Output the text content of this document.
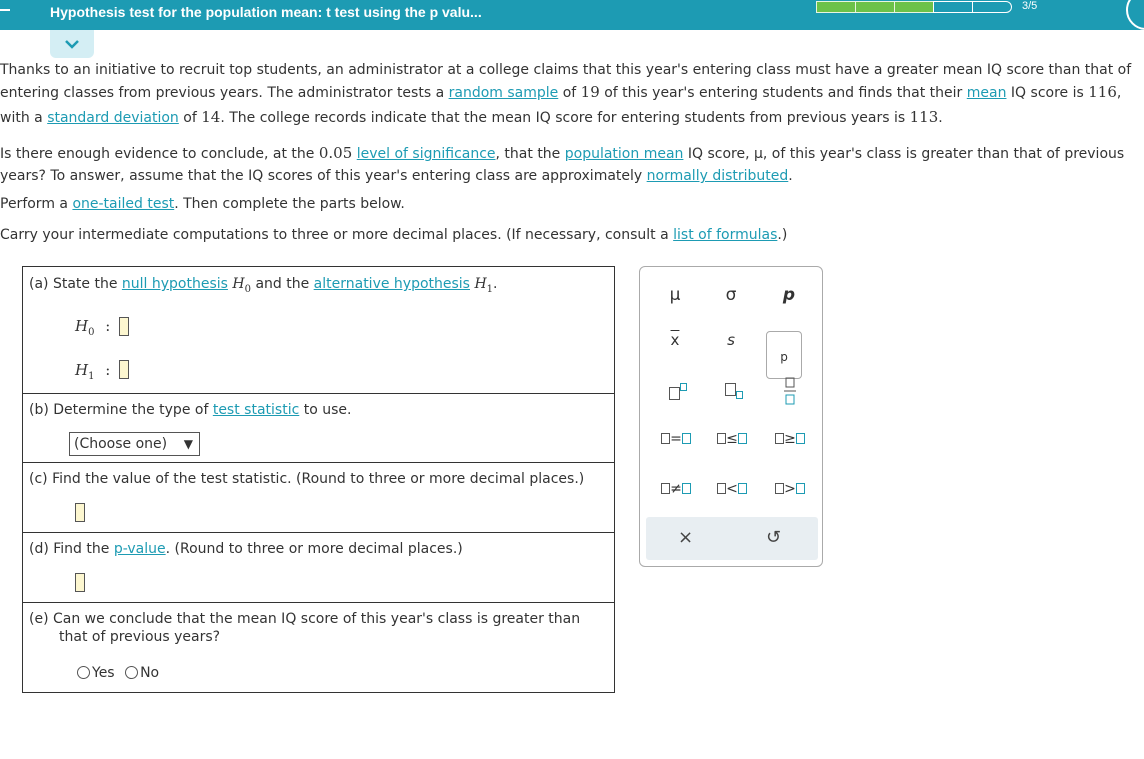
Hypothesis test for the population mean: t test using the p valu...	3/5
Thanks to an initiative to recruit top students, an administrator at a college claims that this year's entering class must have a greater mean IQ score than that of
entering classes from previous years. The administrator tests a random sample of 19 of this year's entering students and finds that their mean IQ score is 116,
with a standard deviation of 14. The college records indicate that the mean IQ score for entering students from previous years is 113.
Is there enough evidence to conclude, at the 0.05 level of significance, that the population mean IQ score, μ, of this year's class is greater than that of previous
years? To answer, assume that the IQ scores of this year's entering class are approximately normally distributed.
Perform a one-tailed test. Then complete the parts below.
Carry your intermediate computations to three or more decimal places. (If necessary, consult a list of formulas.)
(a) State the null hypothesis $H_0$ and the alternative hypothesis $H_1$.
$H_0$ :
$H_1$ :
(b) Determine the type of test statistic to use.
(Choose one) ▼
(c) Find the value of the test statistic. (Round to three or more decimal places.)
(d) Find the p-value. (Round to three or more decimal places.)
(e) Can we conclude that the mean IQ score of this year's class is greater than
that of previous years?
Yes No
μ	σ	p
$\overline{x}$	s
p
=	≤	≥
≠	<	>
×	↺
